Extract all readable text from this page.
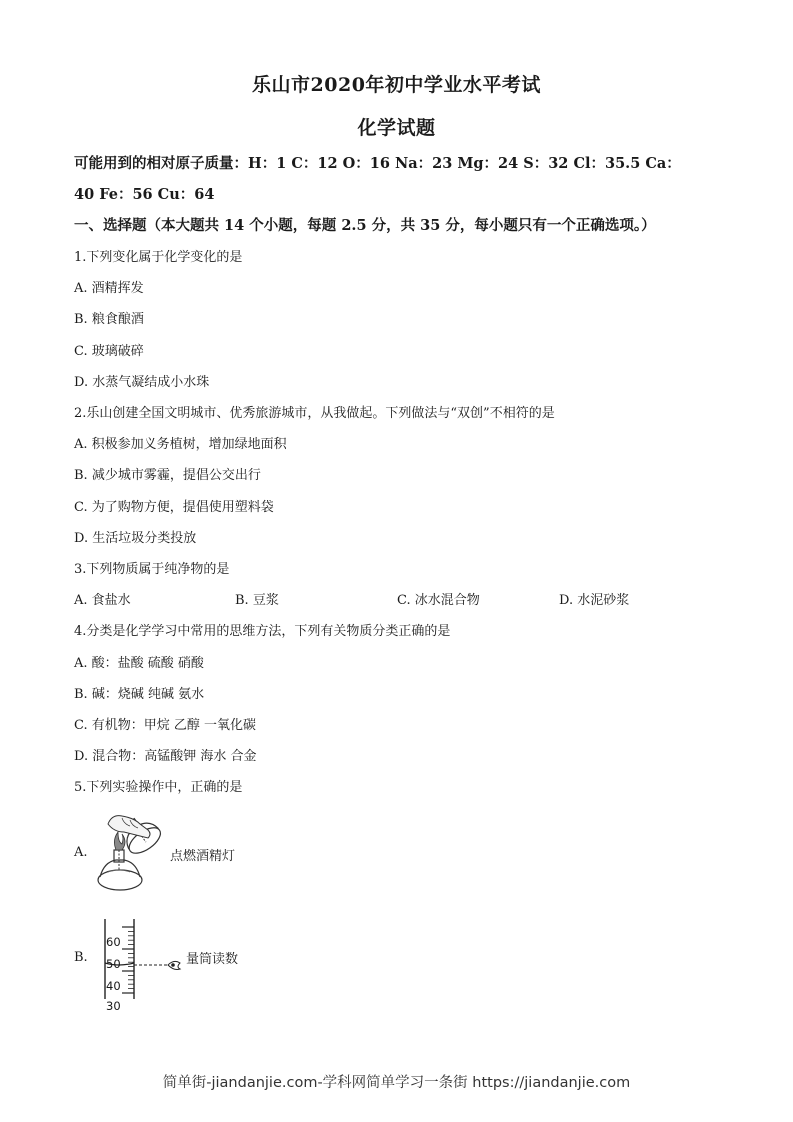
乐山市2020年初中学业水平考试
化学试题
可能用到的相对原子质量：H：1 C：12 O：16 Na：23 Mg：24 S：32 Cl：35.5 Ca：
40 Fe：56 Cu：64
一、选择题（本大题共 14 个小题，每题 2.5 分，共 35 分，每小题只有一个正确选项。）
1.下列变化属于化学变化的是
A. 酒精挥发
B. 粮食酿酒
C. 玻璃破碎
D. 水蒸气凝结成小水珠
2.乐山创建全国文明城市、优秀旅游城市，从我做起。下列做法与“双创”不相符的是
A. 积极参加义务植树，增加绿地面积
B. 减少城市雾霾，提倡公交出行
C. 为了购物方便，提倡使用塑料袋
D. 生活垃圾分类投放
3.下列物质属于纯净物的是
A. 食盐水	B. 豆浆	C. 冰水混合物	D. 水泥砂浆
4.分类是化学学习中常用的思维方法，下列有关物质分类正确的是
A. 酸：盐酸 硫酸 硝酸
B. 碱：烧碱 纯碱 氨水
C. 有机物：甲烷 乙醇 一氧化碳
D. 混合物：高锰酸钾 海水 合金
5.下列实验操作中，正确的是
A.	点燃酒精灯
B.
60
50
40
30
量筒读数
简单街-jiandanjie.com-学科网简单学习一条街 https://jiandanjie.com
